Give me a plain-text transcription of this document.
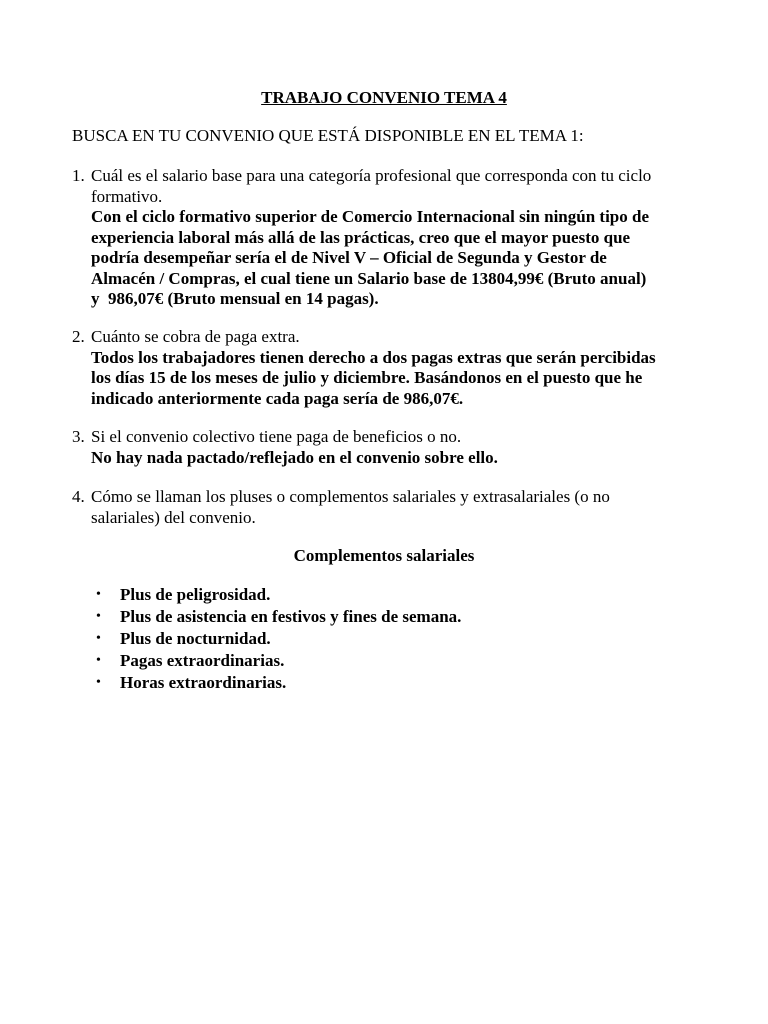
TRABAJO CONVENIO TEMA 4
BUSCA EN TU CONVENIO QUE ESTÁ DISPONIBLE EN EL TEMA 1:
1. Cuál es el salario base para una categoría profesional que corresponda con tu ciclo
formativo.
Con el ciclo formativo superior de Comercio Internacional sin ningún tipo de
experiencia laboral más allá de las prácticas, creo que el mayor puesto que
podría desempeñar sería el de Nivel V – Oficial de Segunda y Gestor de
Almacén / Compras, el cual tiene un Salario base de 13804,99€ (Bruto anual)
y  986,07€ (Bruto mensual en 14 pagas).
2. Cuánto se cobra de paga extra.
Todos los trabajadores tienen derecho a dos pagas extras que serán percibidas
los días 15 de los meses de julio y diciembre. Basándonos en el puesto que he
indicado anteriormente cada paga sería de 986,07€.
3. Si el convenio colectivo tiene paga de beneficios o no.
No hay nada pactado/reflejado en el convenio sobre ello.
4. Cómo se llaman los pluses o complementos salariales y extrasalariales (o no
salariales) del convenio.
Complementos salariales
•	Plus de peligrosidad.
•	Plus de asistencia en festivos y fines de semana.
•	Plus de nocturnidad.
•	Pagas extraordinarias.
•	Horas extraordinarias.
